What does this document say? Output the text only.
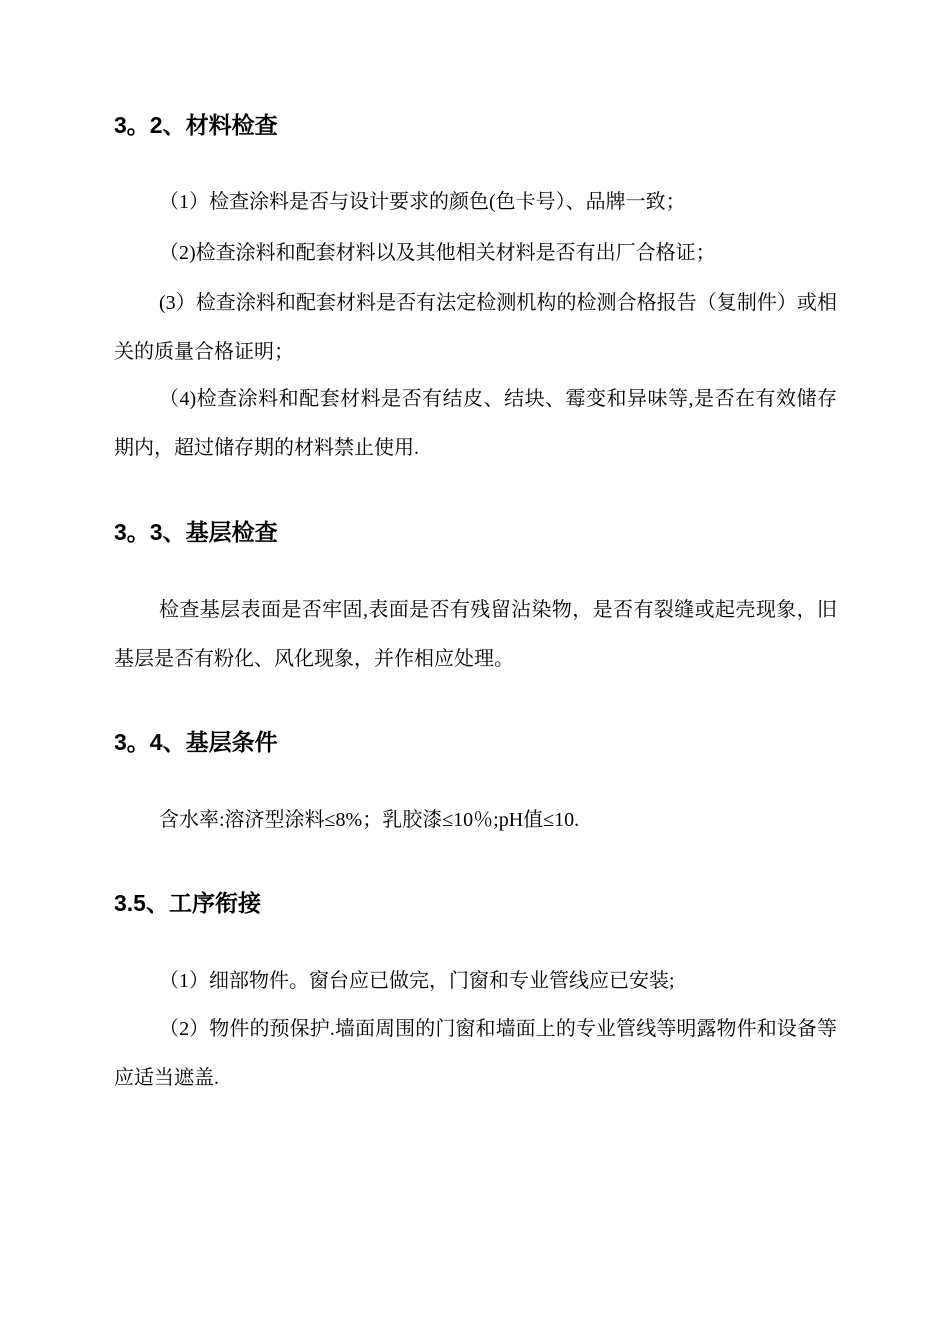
3。2、材料检查
（1）检查涂料是否与设计要求的颜色(色卡号）、品牌一致；
（2)检查涂料和配套材料以及其他相关材料是否有出厂合格证；
(3）检查涂料和配套材料是否有法定检测机构的检测合格报告（复制件）或相关的质量合格证明；
（4)检查涂料和配套材料是否有结皮、结块、霉变和异味等,是否在有效储存期内，超过储存期的材料禁止使用.
3。3、基层检查
检查基层表面是否牢固,表面是否有残留沾染物，是否有裂缝或起壳现象，旧基层是否有粉化、风化现象，并作相应处理。
3。4、基层条件
含水率:溶济型涂料≤8%；乳胶漆≤10％;pH值≤10.
3.5、工序衔接
（1）细部物件。窗台应已做完，门窗和专业管线应已安装;
（2）物件的预保护.墙面周围的门窗和墙面上的专业管线等明露物件和设备等应适当遮盖.
